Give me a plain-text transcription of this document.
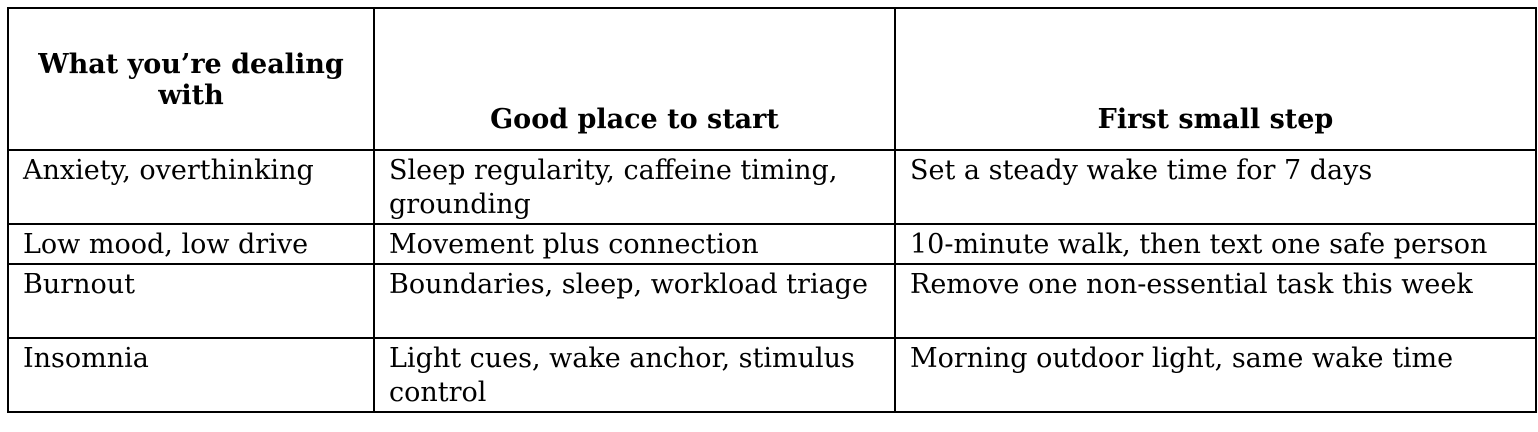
What you’re dealing with	Good place to start	First small step
Anxiety, overthinking	Sleep regularity, caffeine timing, grounding	Set a steady wake time for 7 days
Low mood, low drive	Movement plus connection	10-minute walk, then text one safe person
Burnout	Boundaries, sleep, workload triage	Remove one non-essential task this week
Insomnia	Light cues, wake anchor, stimulus control	Morning outdoor light, same wake time
